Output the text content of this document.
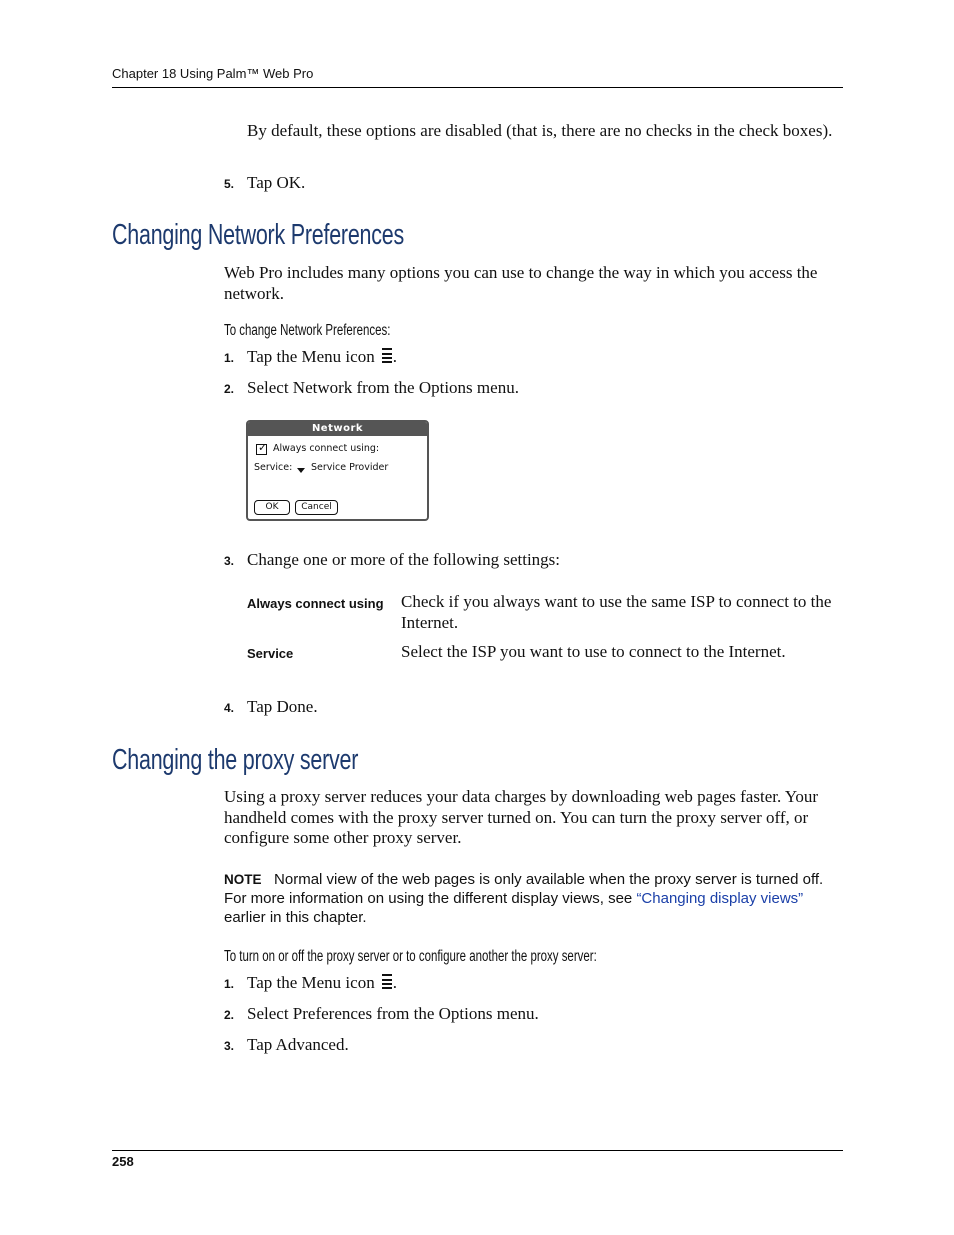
Chapter 18 Using Palm™ Web Pro
By default, these options are disabled (that is, there are no checks in the check boxes).
5. Tap OK.
Changing Network Preferences
Web Pro includes many options you can use to change the way in which you access the network.
To change Network Preferences:
1. Tap the Menu icon .
2. Select Network from the Options menu.
Network
✓ Always connect using:
Service: Service Provider
OK	Cancel
3. Change one or more of the following settings:
Always connect using Check if you always want to use the same ISP to connect to the Internet.
Service	Select the ISP you want to use to connect to the Internet.
4. Tap Done.
Changing the proxy server
Using a proxy server reduces your data charges by downloading web pages faster. Your handheld comes with the proxy server turned on. You can turn the proxy server off, or configure some other proxy server.
NOTE Normal view of the web pages is only available when the proxy server is turned off. For more information on using the different display views, see “Changing display views” earlier in this chapter.
To turn on or off the proxy server or to configure another the proxy server:
1. Tap the Menu icon .
2. Select Preferences from the Options menu.
3. Tap Advanced.
258
